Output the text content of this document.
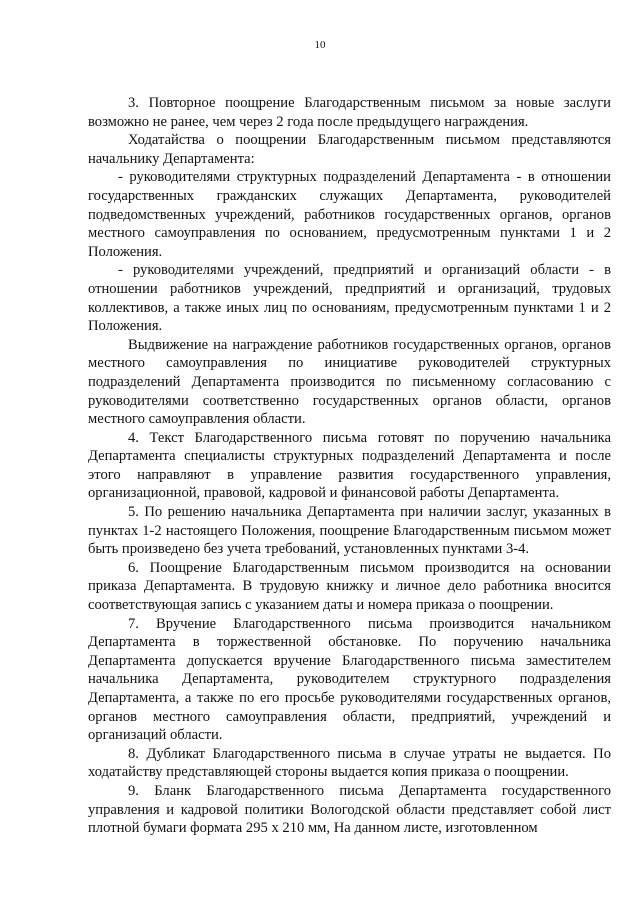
10

3. Повторное поощрение Благодарственным письмом за новые заслуги возможно не ранее, чем через 2 года после предыдущего награждения.

Ходатайства о поощрении Благодарственным письмом представляются начальнику Департамента:

- руководителями структурных подразделений Департамента - в отношении государственных гражданских служащих Департамента, руководителей подведомственных учреждений, работников государственных органов, органов местного самоуправления по основанием, предусмотренным пунктами 1 и 2 Положения.

- руководителями учреждений, предприятий и организаций области - в отношении работников учреждений, предприятий и организаций, трудовых коллективов, а также иных лиц по основаниям, предусмотренным пунктами 1 и 2 Положения.

Выдвижение на награждение работников государственных органов, органов местного самоуправления по инициативе руководителей структурных подразделений Департамента производится по письменному согласованию с руководителями соответственно государственных органов области, органов местного самоуправления области.

4. Текст Благодарственного письма готовят по поручению начальника Департамента специалисты структурных подразделений Департамента и после этого направляют в управление развития государственного управления, организационной, правовой, кадровой и финансовой работы Департамента.

5. По решению начальника Департамента при наличии заслуг, указанных в пунктах 1-2 настоящего Положения, поощрение Благодарственным письмом может быть произведено без учета требований, установленных пунктами 3-4.

6. Поощрение Благодарственным письмом производится на основании приказа Департамента. В трудовую книжку и личное дело работника вносится соответствующая запись с указанием даты и номера приказа о поощрении.

7. Вручение Благодарственного письма производится начальником Департамента в торжественной обстановке. По поручению начальника Департамента допускается вручение Благодарственного письма заместителем начальника Департамента, руководителем структурного подразделения Департамента, а также по его просьбе руководителями государственных органов, органов местного самоуправления области, предприятий, учреждений и организаций области.

8. Дубликат Благодарственного письма в случае утраты не выдается. По ходатайству представляющей стороны выдается копия приказа о поощрении.

9. Бланк Благодарственного письма Департамента государственного управления и кадровой политики Вологодской области представляет собой лист плотной бумаги формата 295 х 210 мм, На данном листе, изготовленном
